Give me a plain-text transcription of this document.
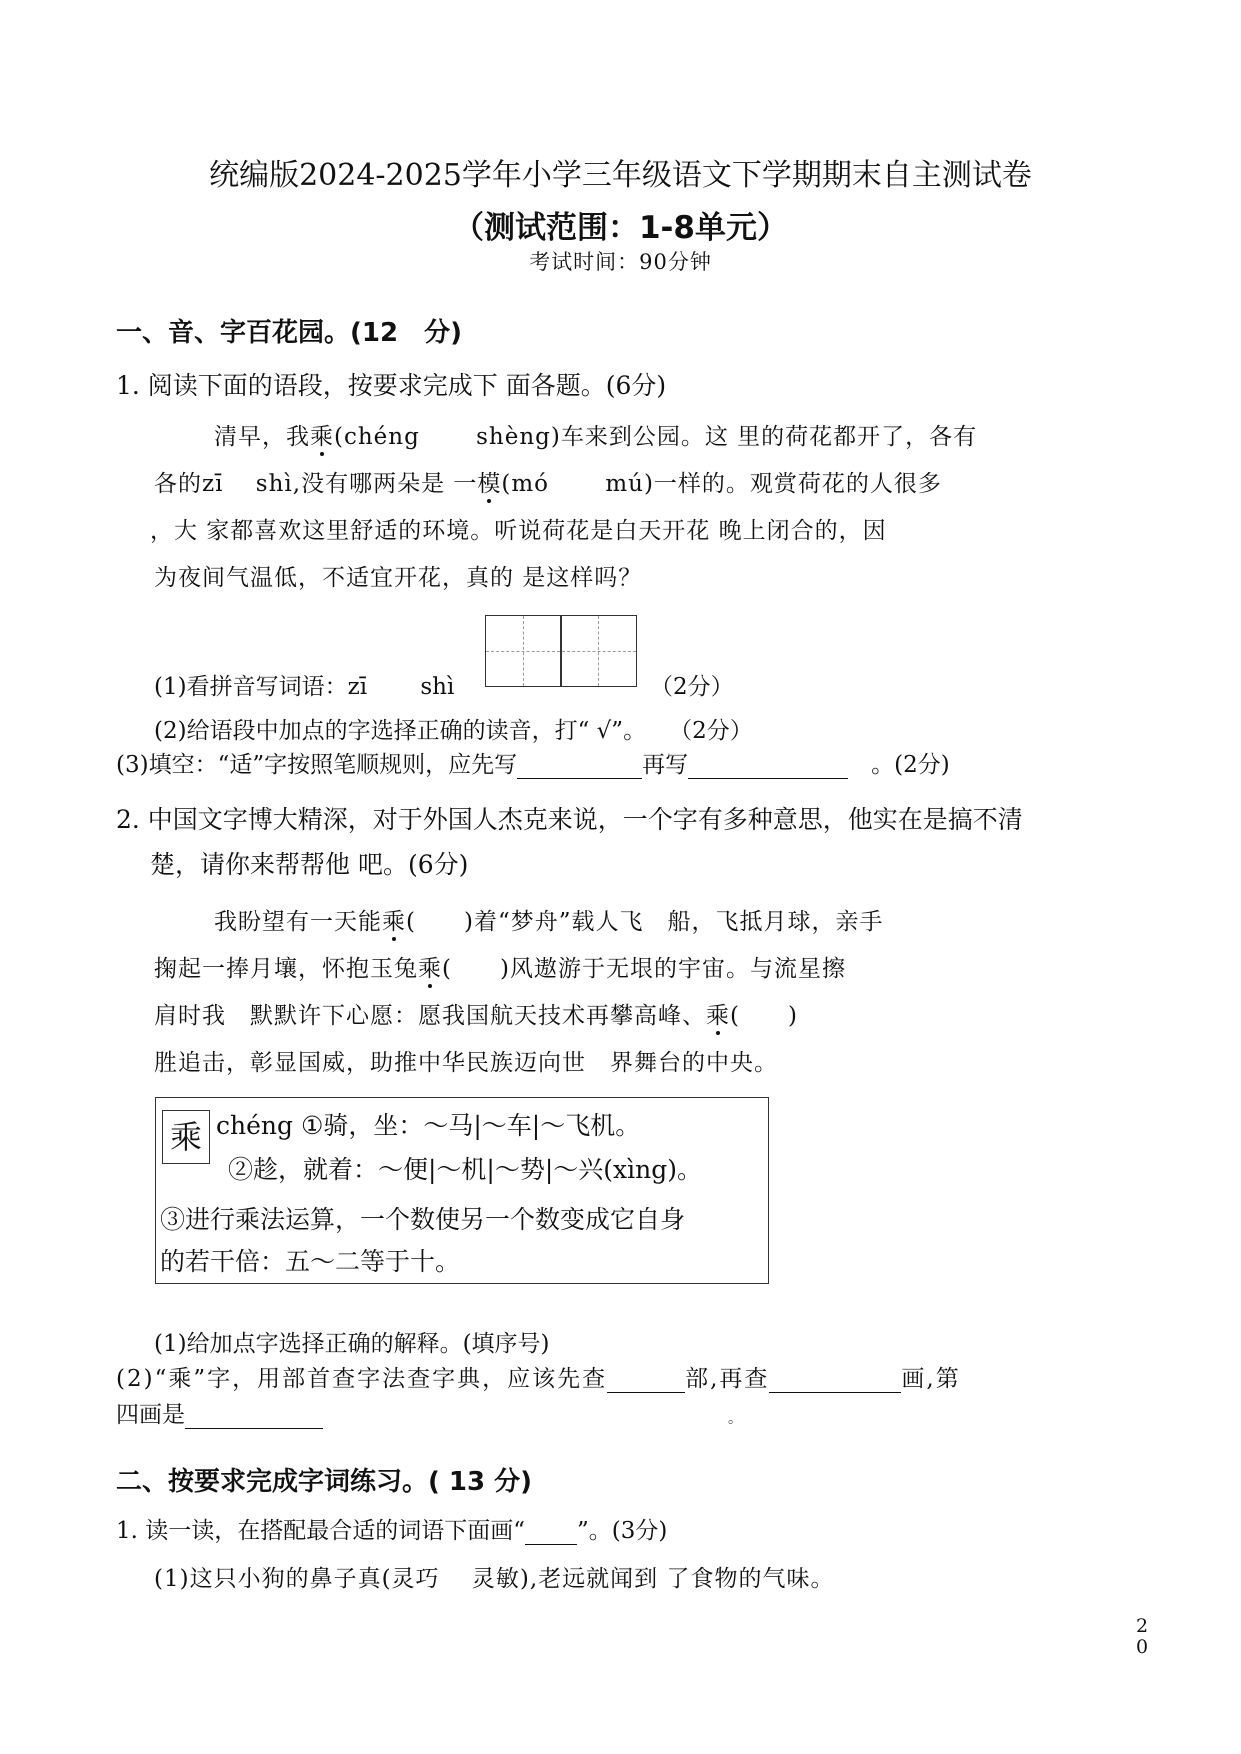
统编版2024-2025学年小学三年级语文下学期期末自主测试卷
（测试范围：1-8单元）
考试时间：90分钟
一、音、字百花园。(12　分)
1. 阅读下面的语段，按要求完成下 面各题。(6分)
清早，我乘(chéng　　 shèng)车来到公园。这 里的荷花都开了，各有
各的zī　 shì,没有哪两朵是 一模(mó　　 mú)一样的。观赏荷花的人很多
，大 家都喜欢这里舒适的环境。听说荷花是白天开花 晚上闭合的，因
为夜间气温低，不适宜开花，真的 是这样吗？
(1)看拼音写词语：zī　　 shì	（2分）
(2)给语段中加点的字选择正确的读音，打“ √”。　　（2分）
(3)填空：“适”字按照笔顺规则，应先写	再写	　。(2分)
2. 中国文字博大精深，对于外国人杰克来说，一个字有多种意思，他实在是搞不清
楚，请你来帮帮他 吧。(6分)
我盼望有一天能乘(　　)着“梦舟”载人飞　船，飞抵月球，亲手
掬起一捧月壤，怀抱玉兔乘(　　)风遨游于无垠的宇宙。与流星擦
肩时我　默默许下心愿：愿我国航天技术再攀高峰、乘(　　)
胜追击，彰显国威，助推中华民族迈向世　界舞台的中央。
乘 chéng ①骑，坐：～马|～车|～飞机。
②趁，就着：～便|～机|～势|～兴(xìng)。
③进行乘法运算，一个数使另一个数变成它自身
的若干倍：五～二等于十。
(1)给加点字选择正确的解释。(填序号)
(2)“乘”字，用部首查字法查字典，应该先查	部,再查	画,第
四画是	。
二、按要求完成字词练习。( 13 分)
1. 读一读，在搭配最合适的词语下面画“ ”。(3分)
(1)这只小狗的鼻子真(灵巧　 灵敏),老远就闻到 了食物的气味。
2
0
